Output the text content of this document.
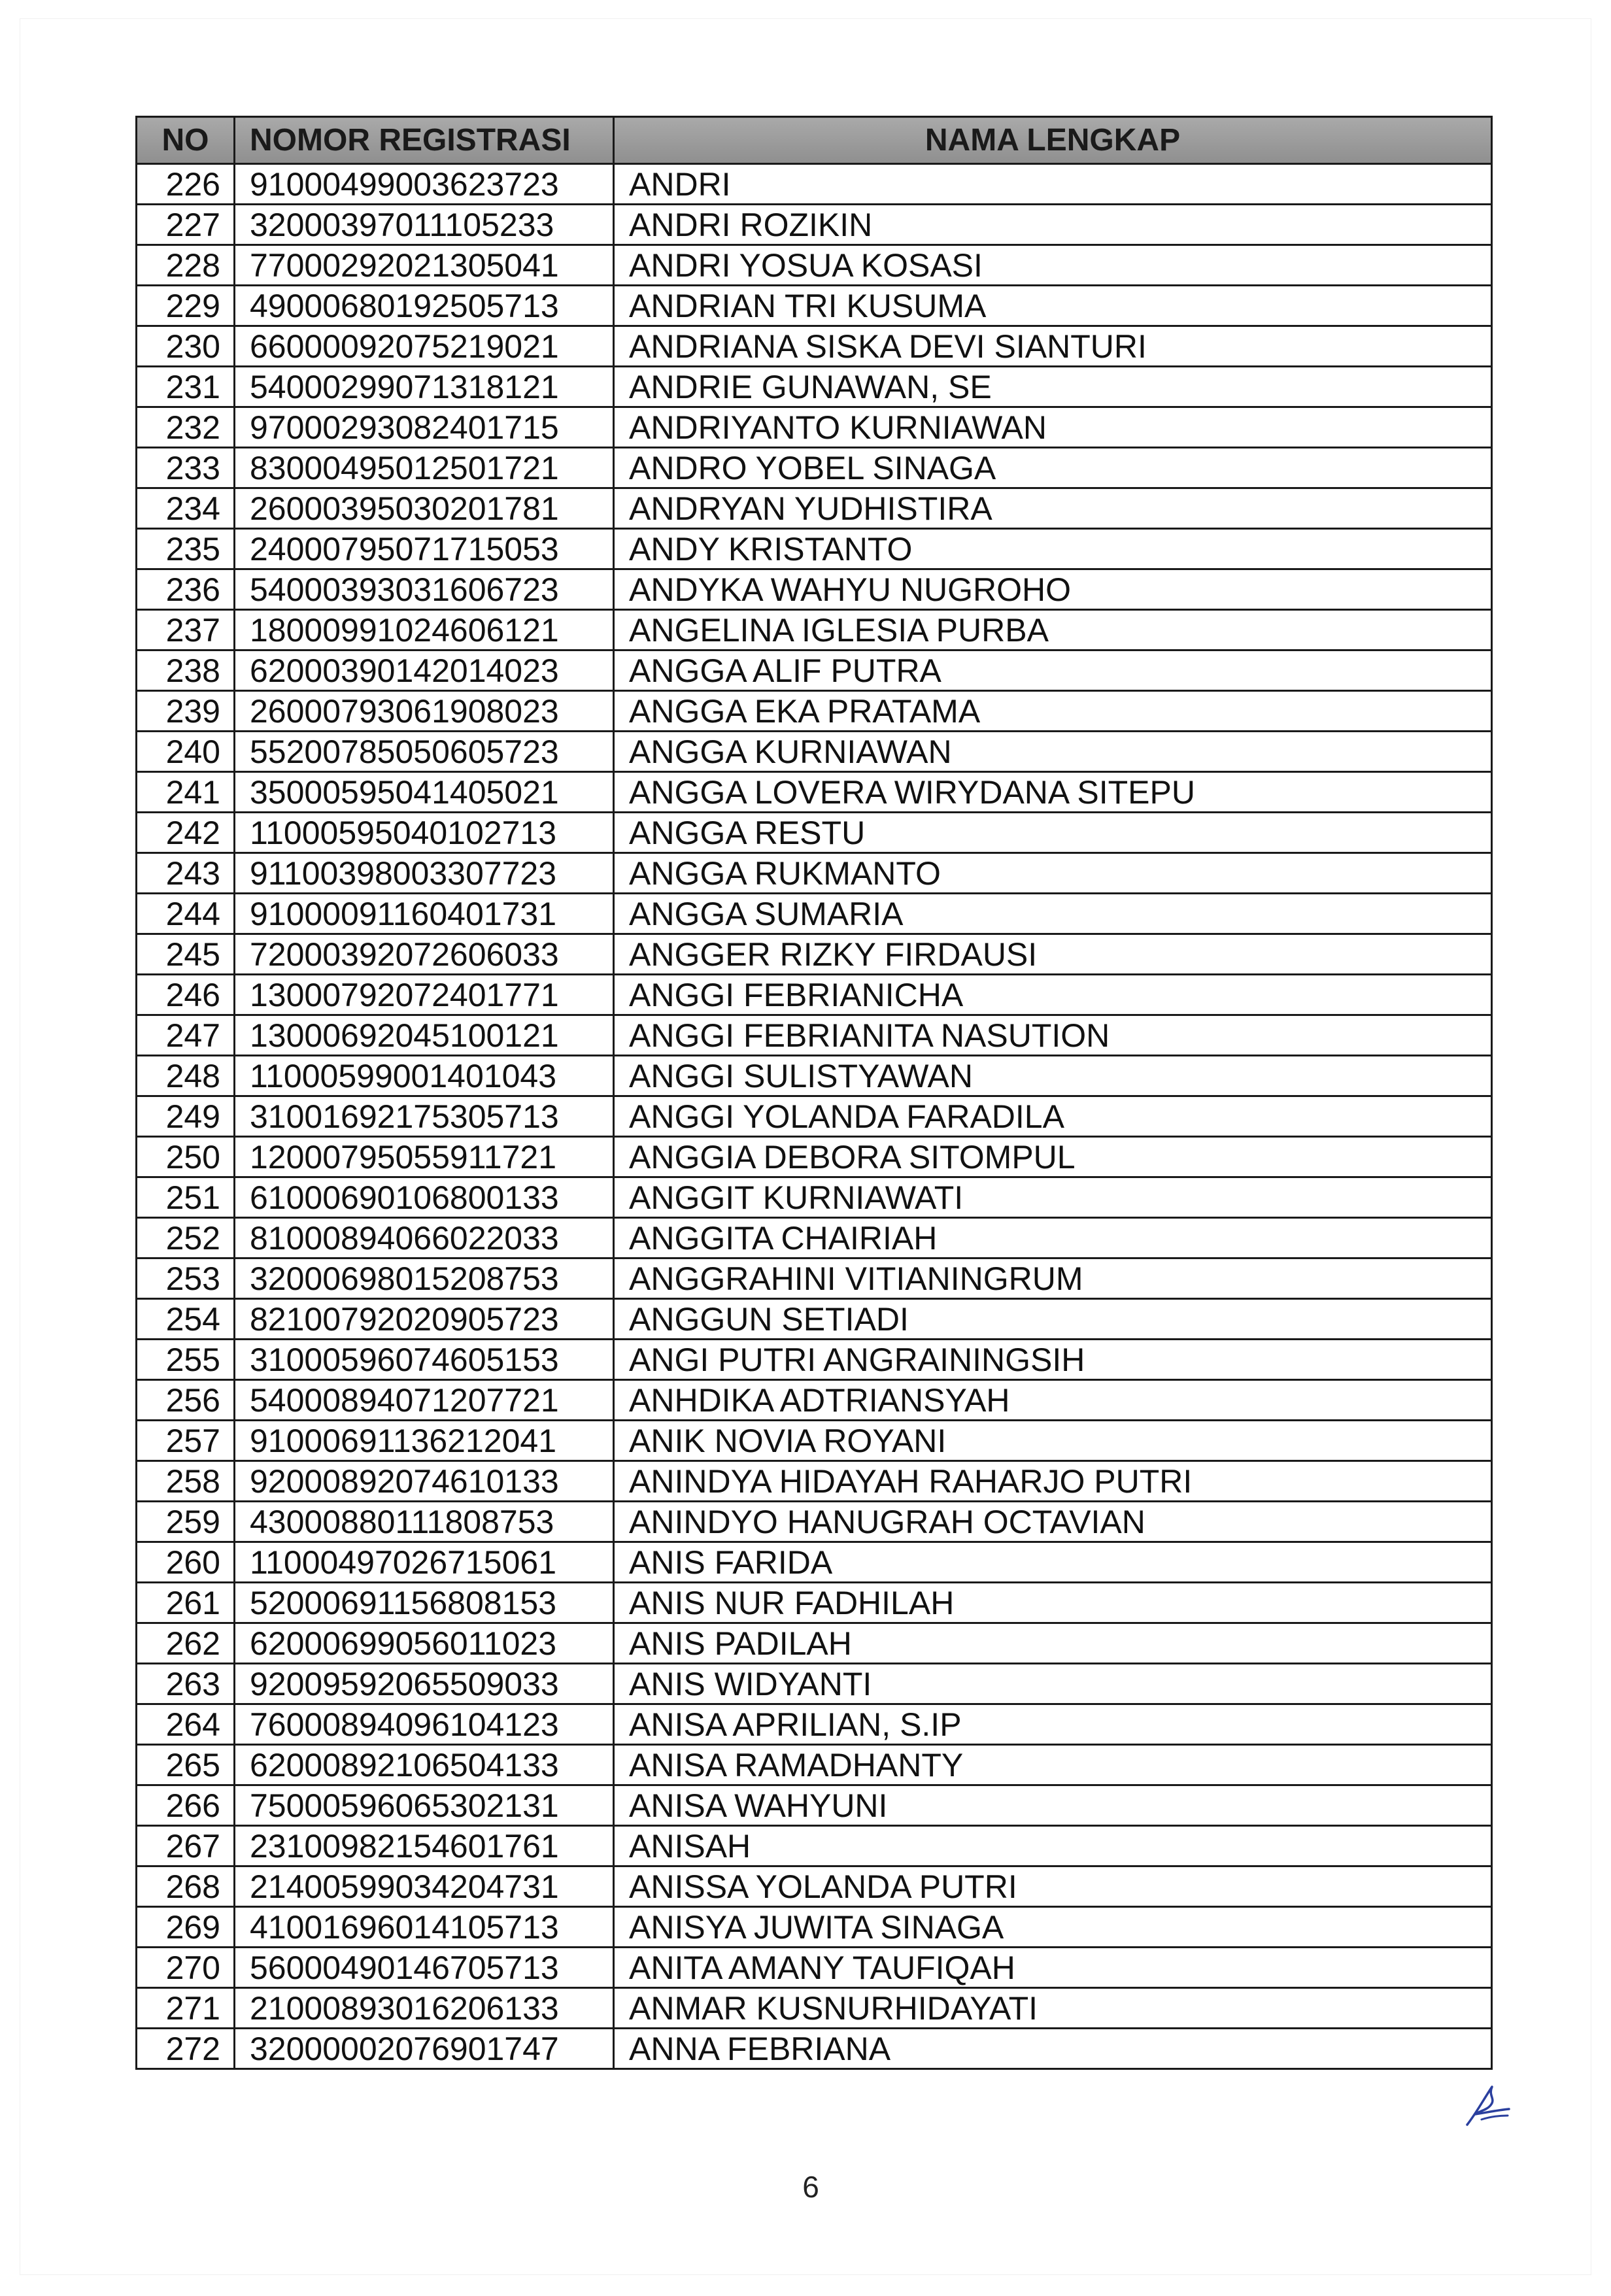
NO	NOMOR REGISTRASI	NAMA LENGKAP
226	91000499003623723	ANDRI
227	32000397011105233	ANDRI ROZIKIN
228	77000292021305041	ANDRI YOSUA KOSASI
229	49000680192505713	ANDRIAN TRI KUSUMA
230	66000092075219021	ANDRIANA SISKA DEVI SIANTURI
231	54000299071318121	ANDRIE GUNAWAN, SE
232	97000293082401715	ANDRIYANTO KURNIAWAN
233	83000495012501721	ANDRO YOBEL SINAGA
234	26000395030201781	ANDRYAN YUDHISTIRA
235	24000795071715053	ANDY KRISTANTO
236	54000393031606723	ANDYKA WAHYU NUGROHO
237	18000991024606121	ANGELINA IGLESIA PURBA
238	62000390142014023	ANGGA ALIF PUTRA
239	26000793061908023	ANGGA EKA PRATAMA
240	55200785050605723	ANGGA KURNIAWAN
241	35000595041405021	ANGGA LOVERA WIRYDANA SITEPU
242	11000595040102713	ANGGA RESTU
243	91100398003307723	ANGGA RUKMANTO
244	91000091160401731	ANGGA SUMARIA
245	72000392072606033	ANGGER RIZKY FIRDAUSI
246	13000792072401771	ANGGI FEBRIANICHA
247	13000692045100121	ANGGI FEBRIANITA NASUTION
248	11000599001401043	ANGGI SULISTYAWAN
249	31001692175305713	ANGGI YOLANDA FARADILA
250	12000795055911721	ANGGIA DEBORA SITOMPUL
251	61000690106800133	ANGGIT KURNIAWATI
252	81000894066022033	ANGGITA CHAIRIAH
253	32000698015208753	ANGGRAHINI VITIANINGRUM
254	82100792020905723	ANGGUN SETIADI
255	31000596074605153	ANGI PUTRI ANGRAININGSIH
256	54000894071207721	ANHDIKA ADTRIANSYAH
257	91000691136212041	ANIK NOVIA ROYANI
258	92000892074610133	ANINDYA HIDAYAH RAHARJO PUTRI
259	43000880111808753	ANINDYO HANUGRAH OCTAVIAN
260	11000497026715061	ANIS FARIDA
261	52000691156808153	ANIS NUR FADHILAH
262	62000699056011023	ANIS PADILAH
263	92009592065509033	ANIS WIDYANTI
264	76000894096104123	ANISA APRILIAN, S.IP
265	62000892106504133	ANISA RAMADHANTY
266	75000596065302131	ANISA WAHYUNI
267	23100982154601761	ANISAH
268	21400599034204731	ANISSA YOLANDA PUTRI
269	41001696014105713	ANISYA JUWITA SINAGA
270	56000490146705713	ANITA AMANY TAUFIQAH
271	21000893016206133	ANMAR KUSNURHIDAYATI
272	32000002076901747	ANNA FEBRIANA
6
